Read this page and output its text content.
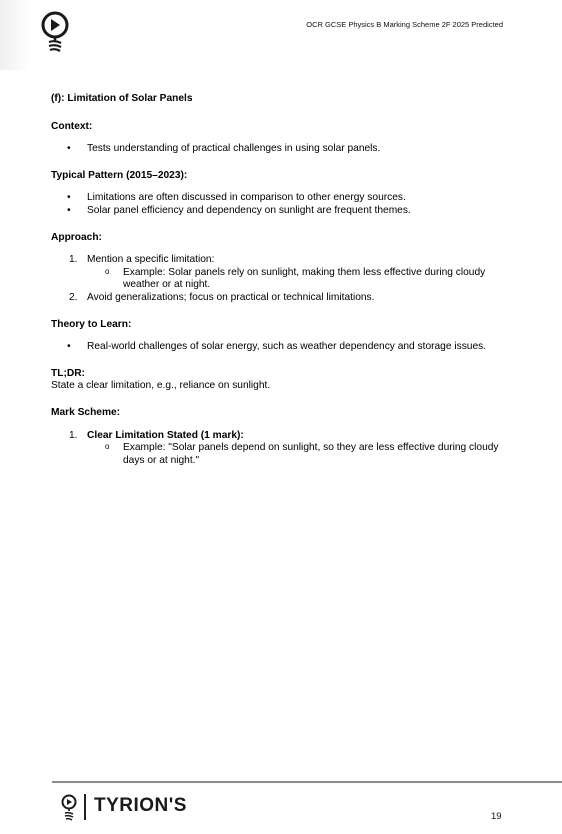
OCR GCSE Physics B Marking Scheme 2F 2025 Predicted

(f): Limitation of Solar Panels

Context:

• Tests understanding of practical challenges in using solar panels.

Typical Pattern (2015–2023):

• Limitations are often discussed in comparison to other energy sources.
• Solar panel efficiency and dependency on sunlight are frequent themes.

Approach:

1. Mention a specific limitation:
o Example: Solar panels rely on sunlight, making them less effective during cloudy weather or at night.
2. Avoid generalizations; focus on practical or technical limitations.

Theory to Learn:

• Real-world challenges of solar energy, such as weather dependency and storage issues.

TL;DR:

State a clear limitation, e.g., reliance on sunlight.

Mark Scheme:

1. Clear Limitation Stated (1 mark):
o Example: "Solar panels depend on sunlight, so they are less effective during cloudy days or at night."
TYRION'S
19
